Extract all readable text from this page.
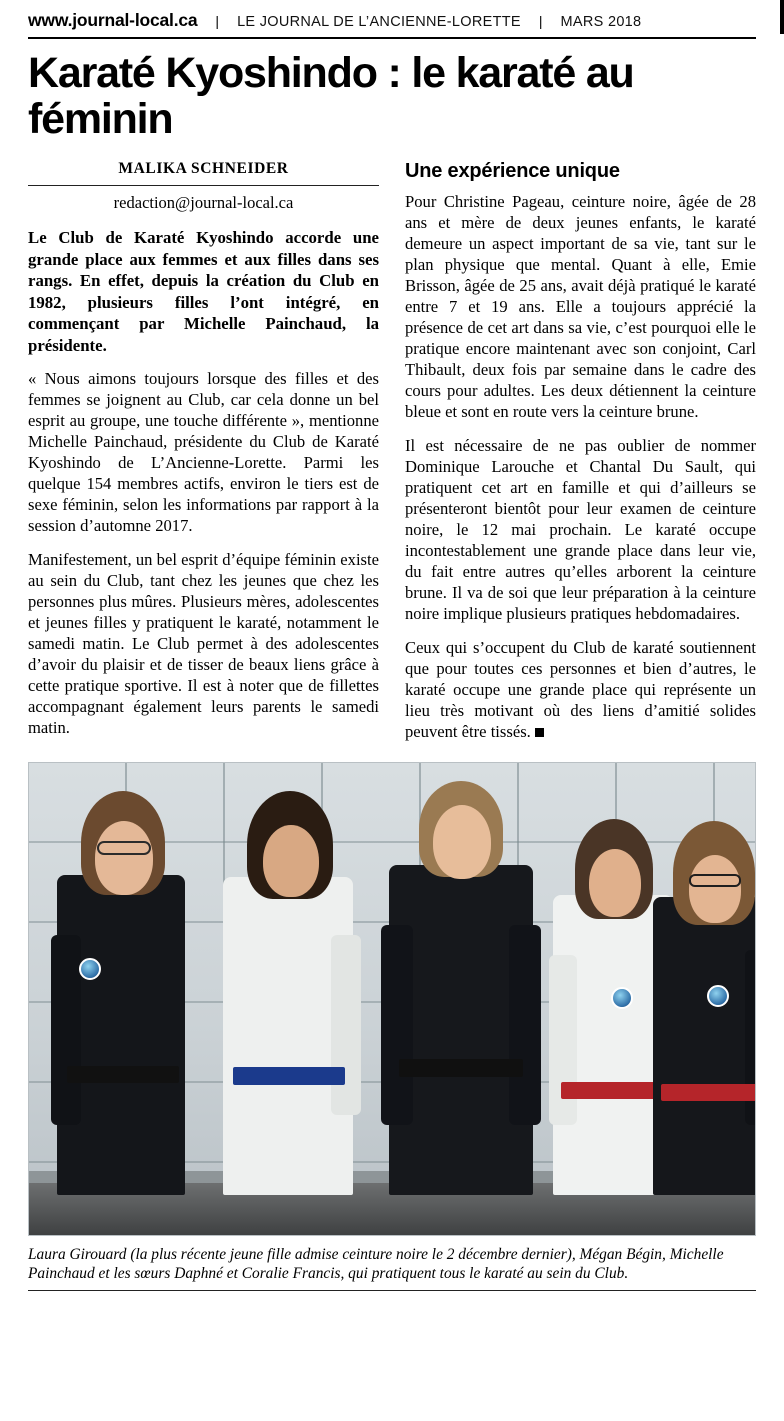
www.journal-local.ca	|	LE JOURNAL DE L’ANCIENNE-LORETTE	|	MARS 2018
Karaté Kyoshindo : le karaté au féminin
MALIKA SCHNEIDER
redaction@journal-local.ca

Le Club de Karaté Kyoshindo accorde une grande place aux femmes et aux filles dans ses rangs. En effet, depuis la création du Club en 1982, plusieurs filles l’ont intégré, en commençant par Michelle Painchaud, la présidente.

« Nous aimons toujours lorsque des filles et des femmes se joignent au Club, car cela donne un bel esprit au groupe, une touche différente », mentionne Michelle Painchaud, présidente du Club de Karaté Kyoshindo de L’Ancienne-Lorette. Parmi les quelque 154 membres actifs, environ le tiers est de sexe féminin, selon les informations par rapport à la session d’automne 2017.

Manifestement, un bel esprit d’équipe féminin existe au sein du Club, tant chez les jeunes que chez les personnes plus mûres. Plusieurs mères, adolescentes et jeunes filles y pratiquent le karaté, notamment le samedi matin. Le Club permet à des adolescentes d’avoir du plaisir et de tisser de beaux liens grâce à cette pratique sportive. Il est à noter que de fillettes accompagnant également leurs parents le samedi matin.

Une expérience unique

Pour Christine Pageau, ceinture noire, âgée de 28 ans et mère de deux jeunes enfants, le karaté demeure un aspect important de sa vie, tant sur le plan physique que mental. Quant à elle, Emie Brisson, âgée de 25 ans, avait déjà pratiqué le karaté entre 7 et 19 ans. Elle a toujours apprécié la présence de cet art dans sa vie, c’est pourquoi elle le pratique encore maintenant avec son conjoint, Carl Thibault, deux fois par semaine dans le cadre des cours pour adultes. Les deux détiennent la ceinture bleue et sont en route vers la ceinture brune.

Il est nécessaire de ne pas oublier de nommer Dominique Larouche et Chantal Du Sault, qui pratiquent cet art en famille et qui d’ailleurs se présenteront bientôt pour leur examen de ceinture noire, le 12 mai prochain. Le karaté occupe incontestablement une grande place dans leur vie, du fait entre autres qu’elles arborent la ceinture brune. Il va de soi que leur préparation à la ceinture noire implique plusieurs pratiques hebdomadaires.

Ceux qui s’occupent du Club de karaté soutiennent que pour toutes ces personnes et bien d’autres, le karaté occupe une grande place qui représente un lieu très motivant où des liens d’amitié solides peuvent être tissés.

Laura Girouard (la plus récente jeune fille admise ceinture noire le 2 décembre dernier), Mégan Bégin, Michelle Painchaud et les sœurs Daphné et Coralie Francis, qui pratiquent tous le karaté au sein du Club.
